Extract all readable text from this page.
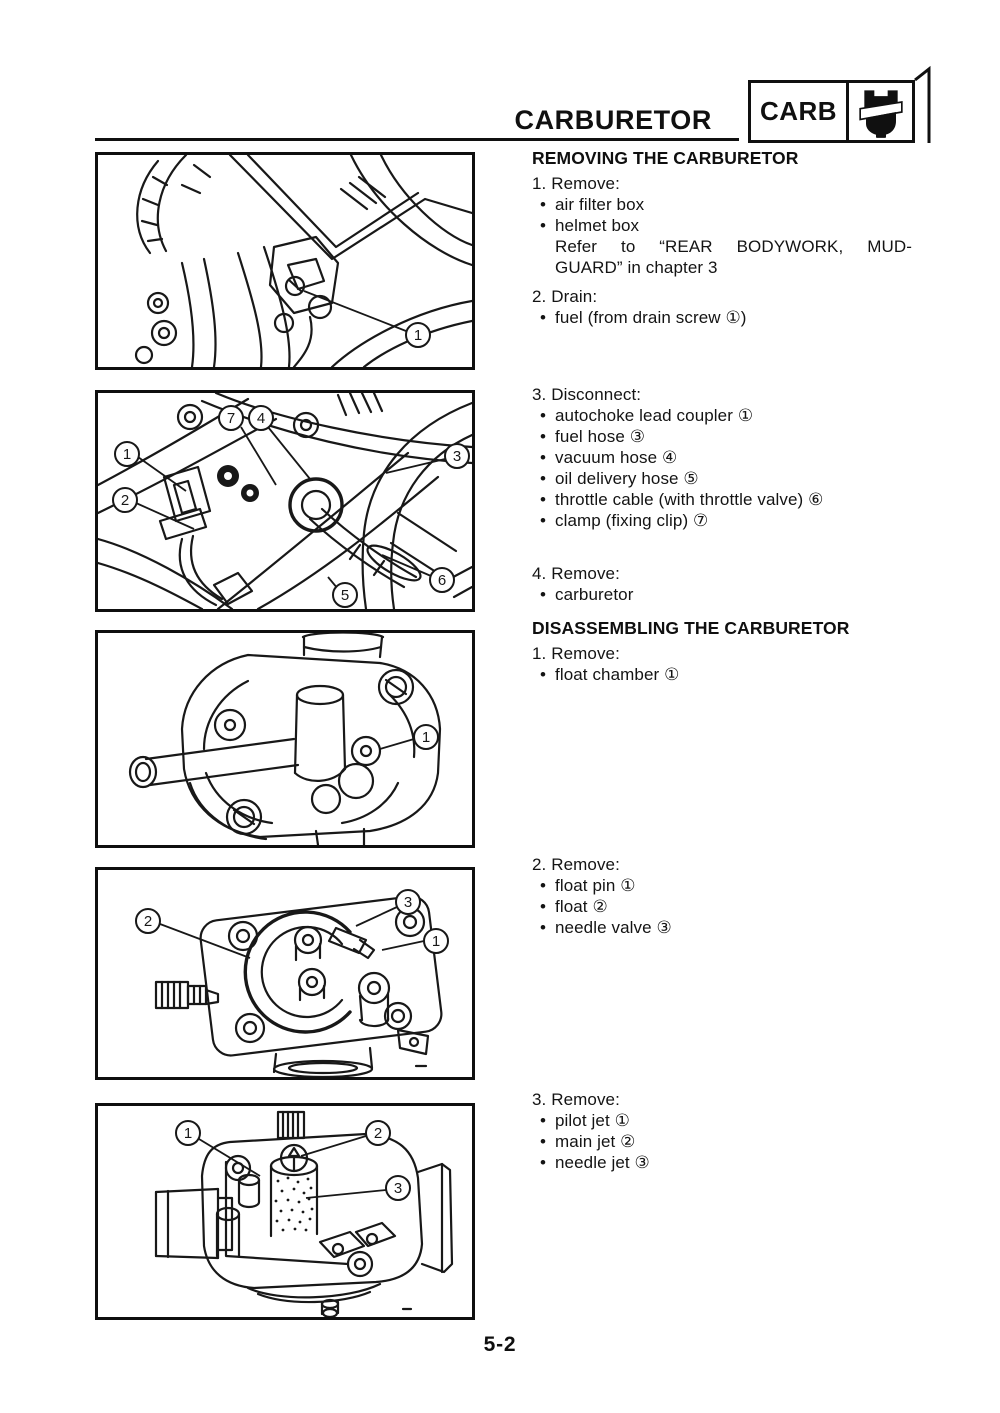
CARBURETOR	CARB
1
1
2
7 4
3
6
5
1
2
3
1
1	2
3
REMOVING THE CARBURETOR
1. Remove:
• air filter box
• helmet box
Refer to “REAR BODYWORK, MUD-
GUARD” in chapter 3
2. Drain:
• fuel (from drain screw ①)
3. Disconnect:
• autochoke lead coupler ①
• fuel hose ③
• vacuum hose ④
• oil delivery hose ⑤
• throttle cable (with throttle valve) ⑥
• clamp (fixing clip) ⑦
4. Remove:
• carburetor
DISASSEMBLING THE CARBURETOR
1. Remove:
• float chamber ①
2. Remove:
• float pin ①
• float ②
• needle valve ③
3. Remove:
• pilot jet ①
• main jet ②
• needle jet ③
5-2
